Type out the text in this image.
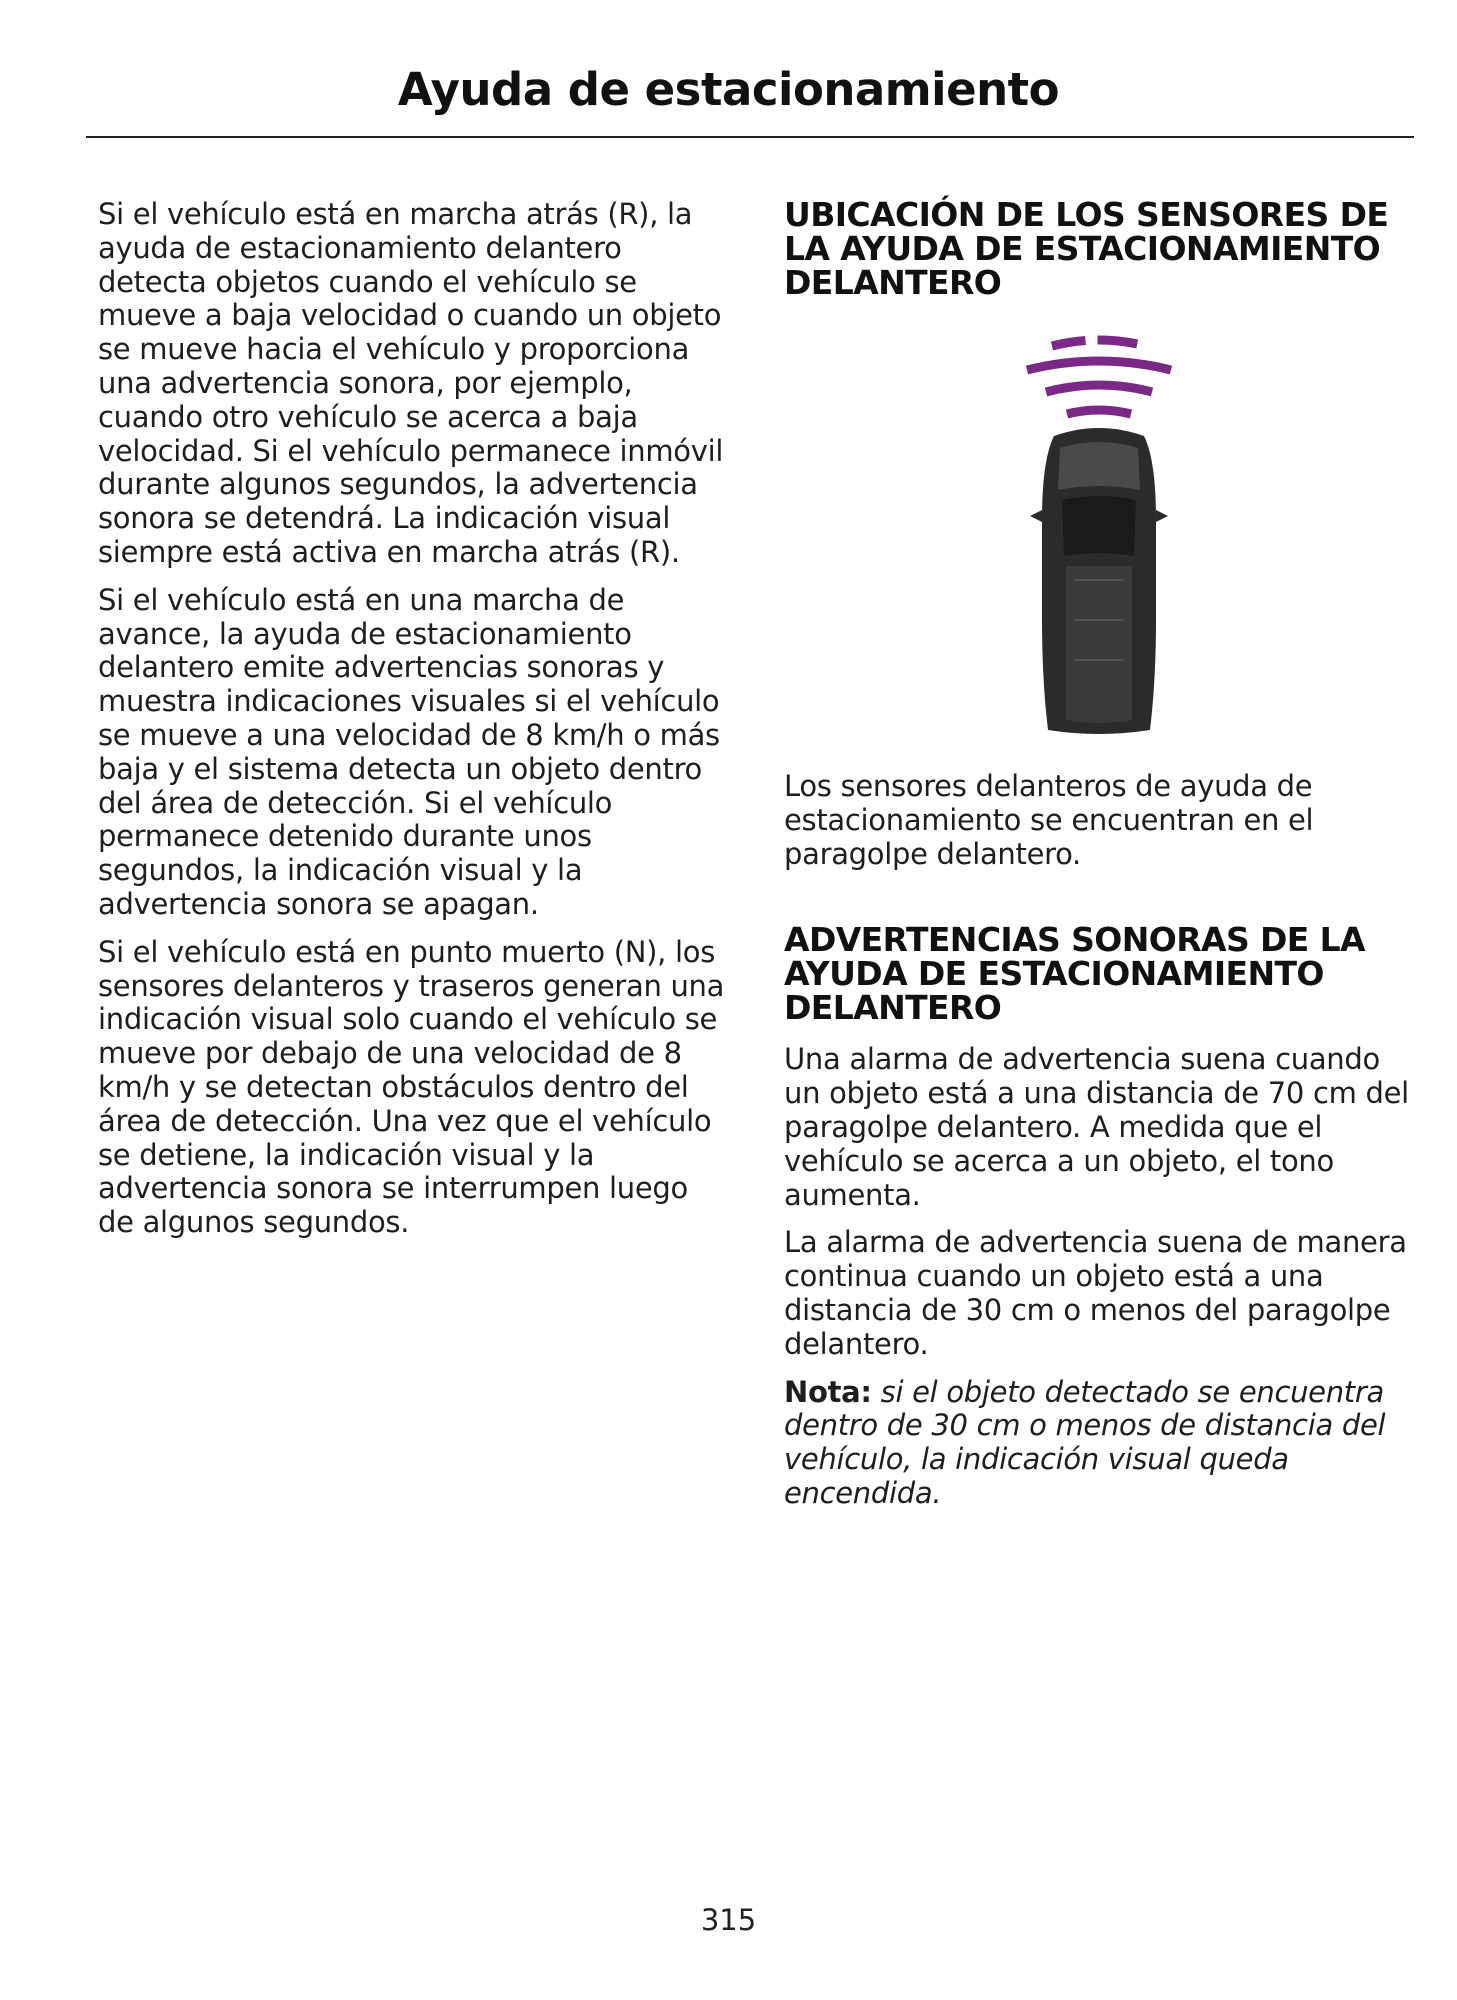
Ayuda de estacionamiento

Si el vehículo está en marcha atrás (R), la ayuda de estacionamiento delantero detecta objetos cuando el vehículo se mueve a baja velocidad o cuando un objeto se mueve hacia el vehículo y proporciona una advertencia sonora, por ejemplo, cuando otro vehículo se acerca a baja velocidad. Si el vehículo permanece inmóvil durante algunos segundos, la advertencia sonora se detendrá. La indicación visual siempre está activa en marcha atrás (R).

Si el vehículo está en una marcha de avance, la ayuda de estacionamiento delantero emite advertencias sonoras y muestra indicaciones visuales si el vehículo se mueve a una velocidad de 8 km/h o más baja y el sistema detecta un objeto dentro del área de detección. Si el vehículo permanece detenido durante unos segundos, la indicación visual y la advertencia sonora se apagan.

Si el vehículo está en punto muerto (N), los sensores delanteros y traseros generan una indicación visual solo cuando el vehículo se mueve por debajo de una velocidad de 8 km/h y se detectan obstáculos dentro del área de detección. Una vez que el vehículo se detiene, la indicación visual y la advertencia sonora se interrumpen luego de algunos segundos.

UBICACIÓN DE LOS SENSORES DE LA AYUDA DE ESTACIONAMIENTO DELANTERO

Los sensores delanteros de ayuda de estacionamiento se encuentran en el paragolpe delantero.

ADVERTENCIAS SONORAS DE LA AYUDA DE ESTACIONAMIENTO DELANTERO

Una alarma de advertencia suena cuando un objeto está a una distancia de 70 cm del paragolpe delantero. A medida que el vehículo se acerca a un objeto, el tono aumenta.

La alarma de advertencia suena de manera continua cuando un objeto está a una distancia de 30 cm o menos del paragolpe delantero.

Nota: si el objeto detectado se encuentra dentro de 30 cm o menos de distancia del vehículo, la indicación visual queda encendida.

315
